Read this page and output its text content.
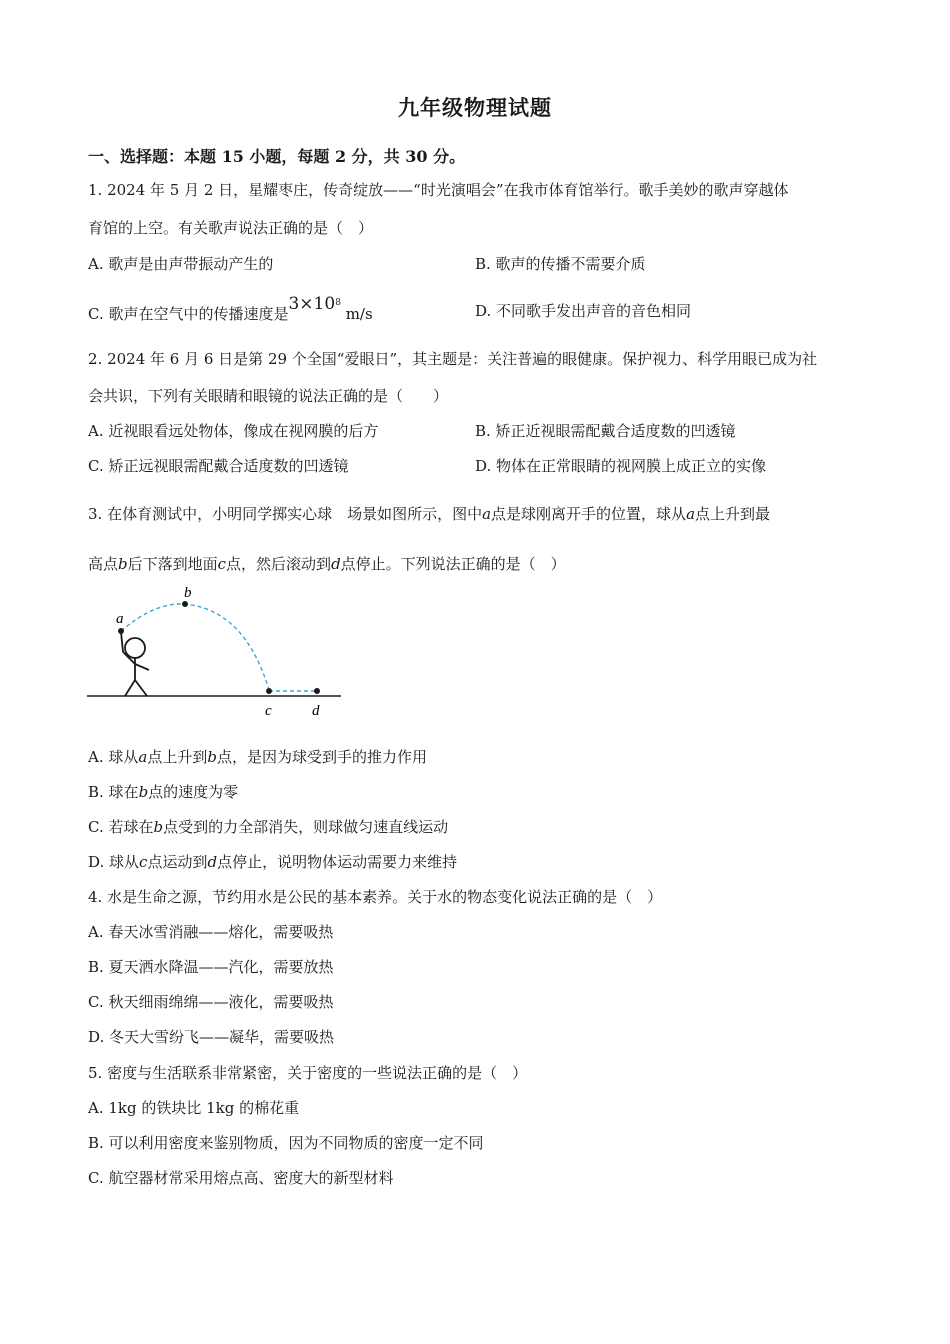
九年级物理试题
一、选择题：本题 15 小题，每题 2 分，共 30 分。
1. 2024 年 5 月 2 日，星耀枣庄，传奇绽放——“时光演唱会”在我市体育馆举行。歌手美妙的歌声穿越体
育馆的上空。有关歌声说法正确的是（　）
A. 歌声是由声带振动产生的	B. 歌声的传播不需要介质
C. 歌声在空气中的传播速度是$3\times 10^8$ m/s	D. 不同歌手发出声音的音色相同
2. 2024 年 6 月 6 日是第 29 个全国“爱眼日”，其主题是：关注普遍的眼健康。保护视力、科学用眼已成为社
会共识，下列有关眼睛和眼镜的说法正确的是（　　）
A. 近视眼看远处物体，像成在视网膜的后方	B. 矫正近视眼需配戴合适度数的凹透镜
C. 矫正远视眼需配戴合适度数的凹透镜	D. 物体在正常眼睛的视网膜上成正立的实像
3. 在体育测试中，小明同学掷实心球　场景如图所示，图中a点是球刚离开手的位置，球从a点上升到最
高点b后下落到地面c点，然后滚动到d点停止。下列说法正确的是（　）
a
b
c	d
A. 球从a点上升到b点，是因为球受到手的推力作用
B. 球在b点的速度为零
C. 若球在b点受到的力全部消失，则球做匀速直线运动
D. 球从c点运动到d点停止，说明物体运动需要力来维持
4. 水是生命之源，节约用水是公民的基本素养。关于水的物态变化说法正确的是（　）
A. 春天冰雪消融——熔化，需要吸热
B. 夏天洒水降温——汽化，需要放热
C. 秋天细雨绵绵——液化，需要吸热
D. 冬天大雪纷飞——凝华，需要吸热
5. 密度与生活联系非常紧密，关于密度的一些说法正确的是（　）
A. 1kg 的铁块比 1kg 的棉花重
B. 可以利用密度来鉴别物质，因为不同物质的密度一定不同
C. 航空器材常采用熔点高、密度大的新型材料
